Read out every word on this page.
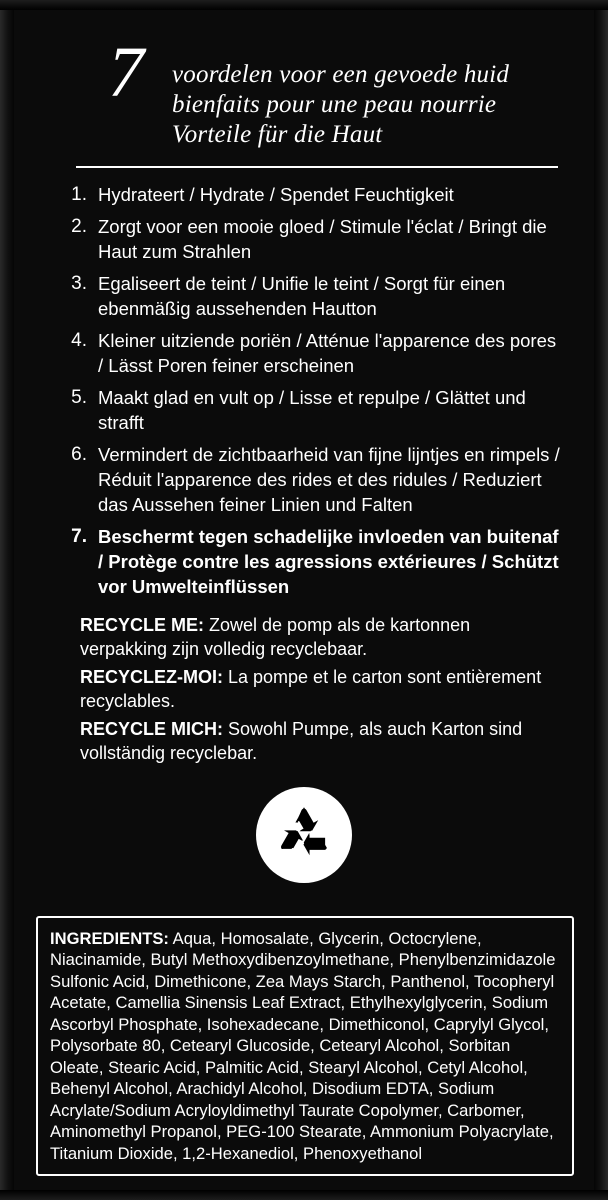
7 voordelen voor een gevoede huid
bienfaits pour une peau nourrie
Vorteile für die Haut
1. Hydrateert / Hydrate / Spendet Feuchtigkeit
2. Zorgt voor een mooie gloed / Stimule l'éclat / Bringt die Haut zum Strahlen
3. Egaliseert de teint / Unifie le teint / Sorgt für einen ebenmäßig aussehenden Hautton
4. Kleiner uitziende poriën / Atténue l'apparence des pores / Lässt Poren feiner erscheinen
5. Maakt glad en vult op / Lisse et repulpe / Glättet und strafft
6. Vermindert de zichtbaarheid van fijne lijntjes en rimpels / Réduit l'apparence des rides et des ridules / Reduziert das Aussehen feiner Linien und Falten
7. Beschermt tegen schadelijke invloeden van buitenaf / Protège contre les agressions extérieures / Schützt vor Umwelteinflüssen
RECYCLE ME: Zowel de pomp als de kartonnen verpakking zijn volledig recyclebaar.
RECYCLEZ-MOI: La pompe et le carton sont entièrement recyclables.
RECYCLE MICH: Sowohl Pumpe, als auch Karton sind vollständig recyclebar.
INGREDIENTS: Aqua, Homosalate, Glycerin, Octocrylene, Niacinamide, Butyl Methoxydibenzoylmethane, Phenylbenzimidazole Sulfonic Acid, Dimethicone, Zea Mays Starch, Panthenol, Tocopheryl Acetate, Camellia Sinensis Leaf Extract, Ethylhexylglycerin, Sodium Ascorbyl Phosphate, Isohexadecane, Dimethiconol, Caprylyl Glycol, Polysorbate 80, Cetearyl Glucoside, Cetearyl Alcohol, Sorbitan Oleate, Stearic Acid, Palmitic Acid, Stearyl Alcohol, Cetyl Alcohol, Behenyl Alcohol, Arachidyl Alcohol, Disodium EDTA, Sodium Acrylate/Sodium Acryloyldimethyl Taurate Copolymer, Carbomer, Aminomethyl Propanol, PEG-100 Stearate, Ammonium Polyacrylate, Titanium Dioxide, 1,2-Hexanediol, Phenoxyethanol
